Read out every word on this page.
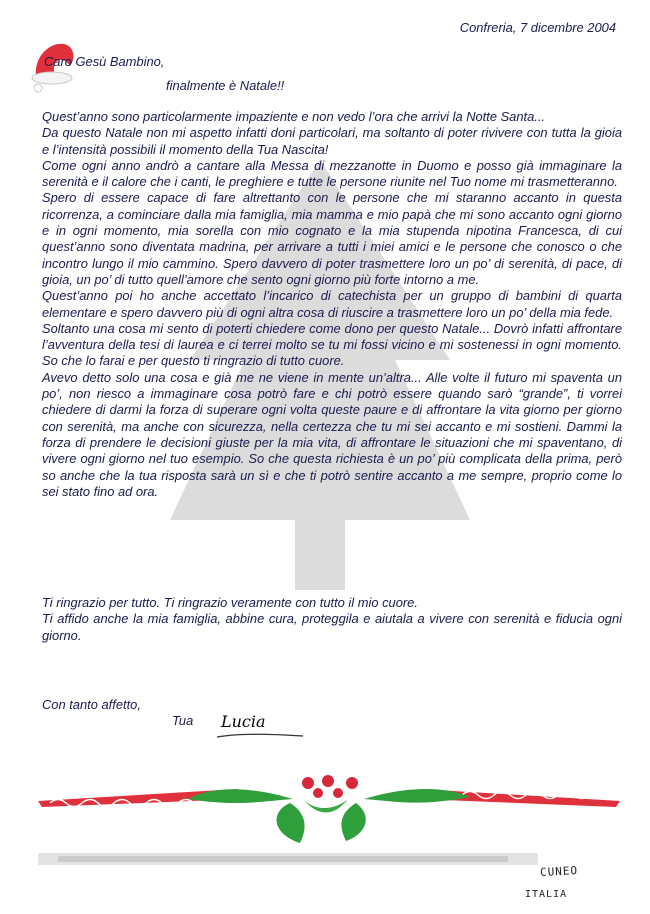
Confreria, 7 dicembre 2004
Caro Gesù Bambino,
finalmente è Natale!!

Quest’anno sono particolarmente impaziente e non vedo l’ora che arrivi la Notte Santa...

Da questo Natale non mi aspetto infatti doni particolari, ma soltanto di poter rivivere con tutta la gioia e l’intensità possibili il momento della Tua Nascita!

Come ogni anno andrò a cantare alla Messa di mezzanotte in Duomo e posso già immaginare la serenità e il calore che i canti, le preghiere e tutte le persone riunite nel Tuo nome mi trasmetteranno.

Spero di essere capace di fare altrettanto con le persone che mi staranno accanto in questa ricorrenza, a cominciare dalla mia famiglia, mia mamma e mio papà che mi sono accanto ogni giorno e in ogni momento, mia sorella con mio cognato e la mia stupenda nipotina Francesca, di cui quest’anno sono diventata madrina, per arrivare a tutti i miei amici e le persone che conosco o che incontro lungo il mio cammino. Spero davvero di poter trasmettere loro un po’ di serenità, di pace, di gioia, un po’ di tutto quell’amore che sento ogni giorno più forte intorno a me.

Quest’anno poi ho anche accettato l’incarico di catechista per un gruppo di bambini di quarta elementare e spero davvero più di ogni altra cosa di riuscire a trasmettere loro un po’ della mia fede.

Soltanto una cosa mi sento di poterti chiedere come dono per questo Natale... Dovrò infatti affrontare l’avventura della tesi di laurea e ci terrei molto se tu mi fossi vicino e mi sostenessi in ogni momento. So che lo farai e per questo ti ringrazio di tutto cuore.

Avevo detto solo una cosa e già me ne viene in mente un’altra... Alle volte il futuro mi spaventa un po’, non riesco a immaginare cosa potrò fare e chi potrò essere quando sarò “grande”, ti vorrei chiedere di darmi la forza di superare ogni volta queste paure e di affrontare la vita giorno per giorno con serenità, ma anche con sicurezza, nella certezza che tu mi sei accanto e mi sostieni. Dammi la forza di prendere le decisioni giuste per la mia vita, di affrontare le situazioni che mi spaventano, di vivere ogni giorno nel tuo esempio. So che questa richiesta è un po’ più complicata della prima, però so anche che la tua risposta sarà un sì e che ti potrò sentire accanto a me sempre, proprio come lo sei stato fino ad ora.

Ti ringrazio per tutto. Ti ringrazio veramente con tutto il mio cuore.

Ti affido anche la mia famiglia, abbine cura, proteggila e aiutala a vivere con serenità e fiducia ogni giorno.

Con tanto affetto,
Tua Lucia
CUNEO
ITALIA
